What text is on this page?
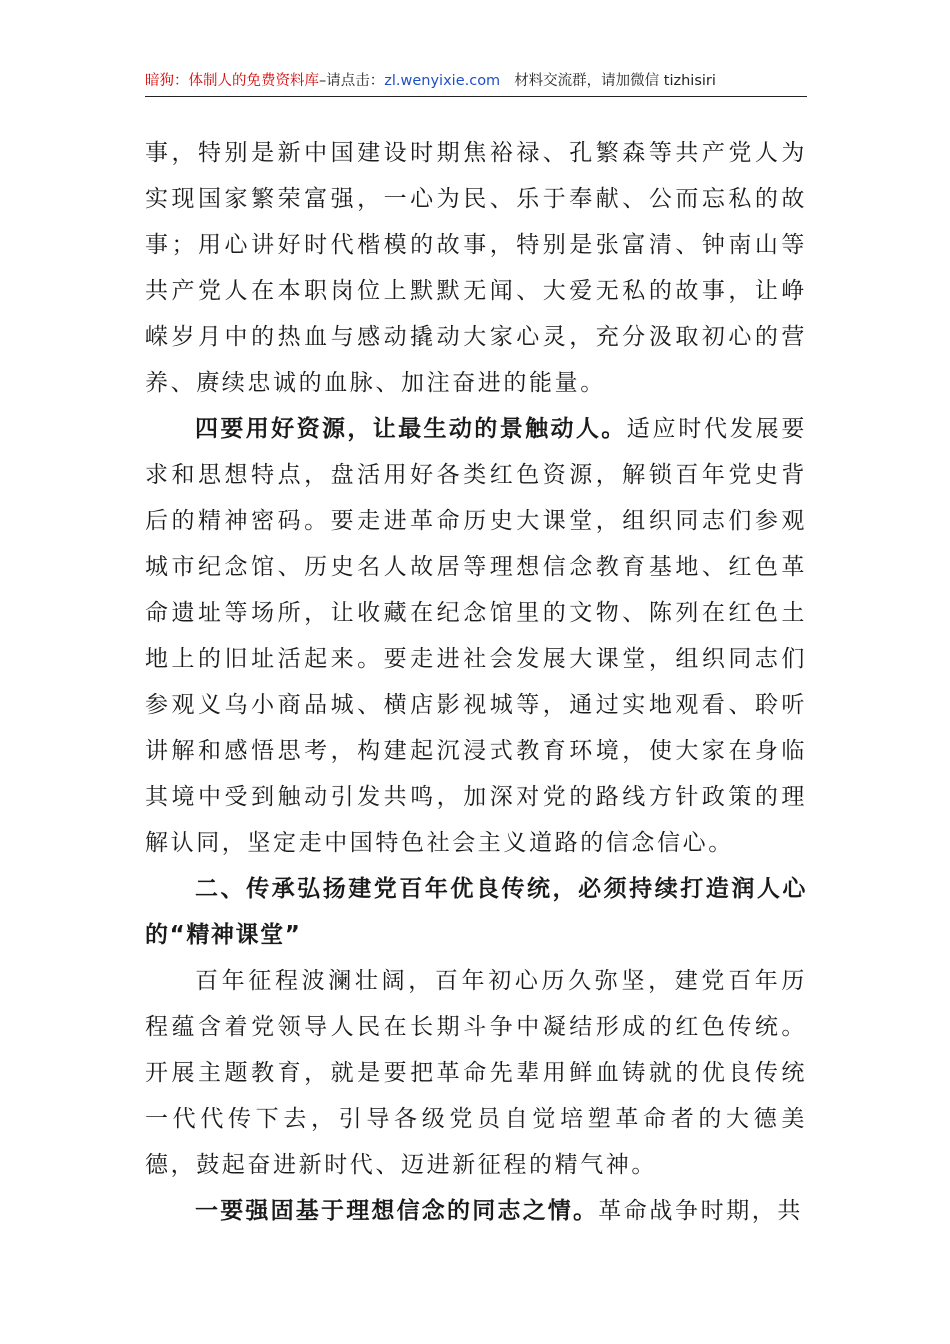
暗狗：体制人的免费资料库 –请点击： zl.wenyixie.com 材料交流群，请加微信 tizhisiri

事，特别是新中国建设时期焦裕禄、孔繁森等共产党人为实现国家繁荣富强，一心为民、乐于奉献、公而忘私的故事；用心讲好时代楷模的故事，特别是张富清、钟南山等共产党人在本职岗位上默默无闻、大爱无私的故事，让峥嵘岁月中的热血与感动撬动大家心灵，充分汲取初心的营养、赓续忠诚的血脉、加注奋进的能量。

四要用好资源，让最生动的景触动人。适应时代发展要求和思想特点，盘活用好各类红色资源，解锁百年党史背后的精神密码。要走进革命历史大课堂，组织同志们参观城市纪念馆、历史名人故居等理想信念教育基地、红色革命遗址等场所，让收藏在纪念馆里的文物、陈列在红色土地上的旧址活起来。要走进社会发展大课堂，组织同志们参观义乌小商品城、横店影视城等，通过实地观看、聆听讲解和感悟思考，构建起沉浸式教育环境，使大家在身临其境中受到触动引发共鸣，加深对党的路线方针政策的理解认同，坚定走中国特色社会主义道路的信念信心。

二、传承弘扬建党百年优良传统，必须持续打造润人心的“精神课堂”

百年征程波澜壮阔，百年初心历久弥坚，建党百年历程蕴含着党领导人民在长期斗争中凝结形成的红色传统。开展主题教育，就是要把革命先辈用鲜血铸就的优良传统一代代传下去，引导各级党员自觉培塑革命者的大德美德，鼓起奋进新时代、迈进新征程的精气神。

一要强固基于理想信念的同志之情。革命战争时期，共
